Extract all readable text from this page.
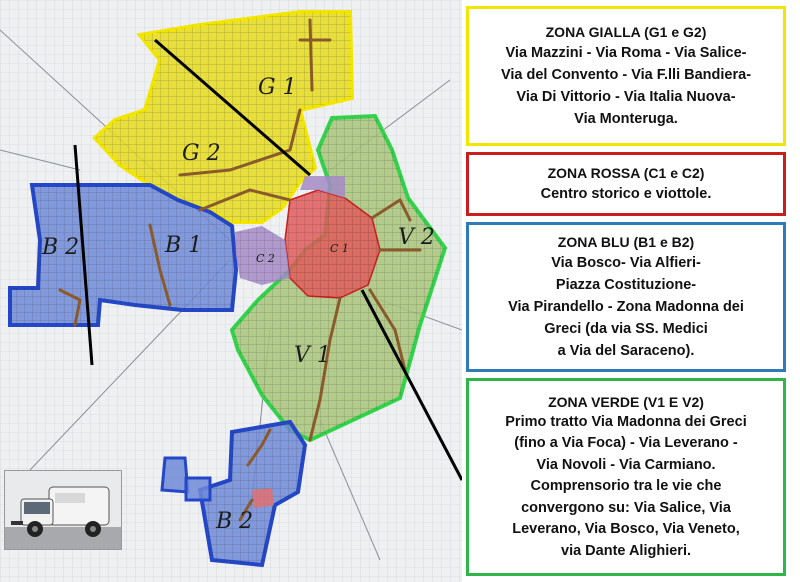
G 1
G 2
B 1
B 2
B 2
C 1
C 2
V 1
V 2
ZONA GIALLA (G1 e G2)
Via Mazzini - Via Roma - Via Salice-
Via del Convento - Via F.lli Bandiera-
Via Di Vittorio - Via Italia Nuova-
Via Monteruga.
ZONA ROSSA (C1 e C2)
Centro storico e viottole.
ZONA BLU (B1 e B2)
Via Bosco- Via Alfieri-
Piazza Costituzione-
Via Pirandello - Zona Madonna dei
Greci (da via SS. Medici
a Via del Saraceno).
ZONA VERDE (V1 E V2)
Primo tratto Via Madonna dei Greci
(fino a Via Foca) - Via Leverano -
Via Novoli - Via Carmiano.
Comprensorio tra le vie che
convergono su: Via Salice, Via
Leverano, Via Bosco, Via Veneto,
via Dante Alighieri.
